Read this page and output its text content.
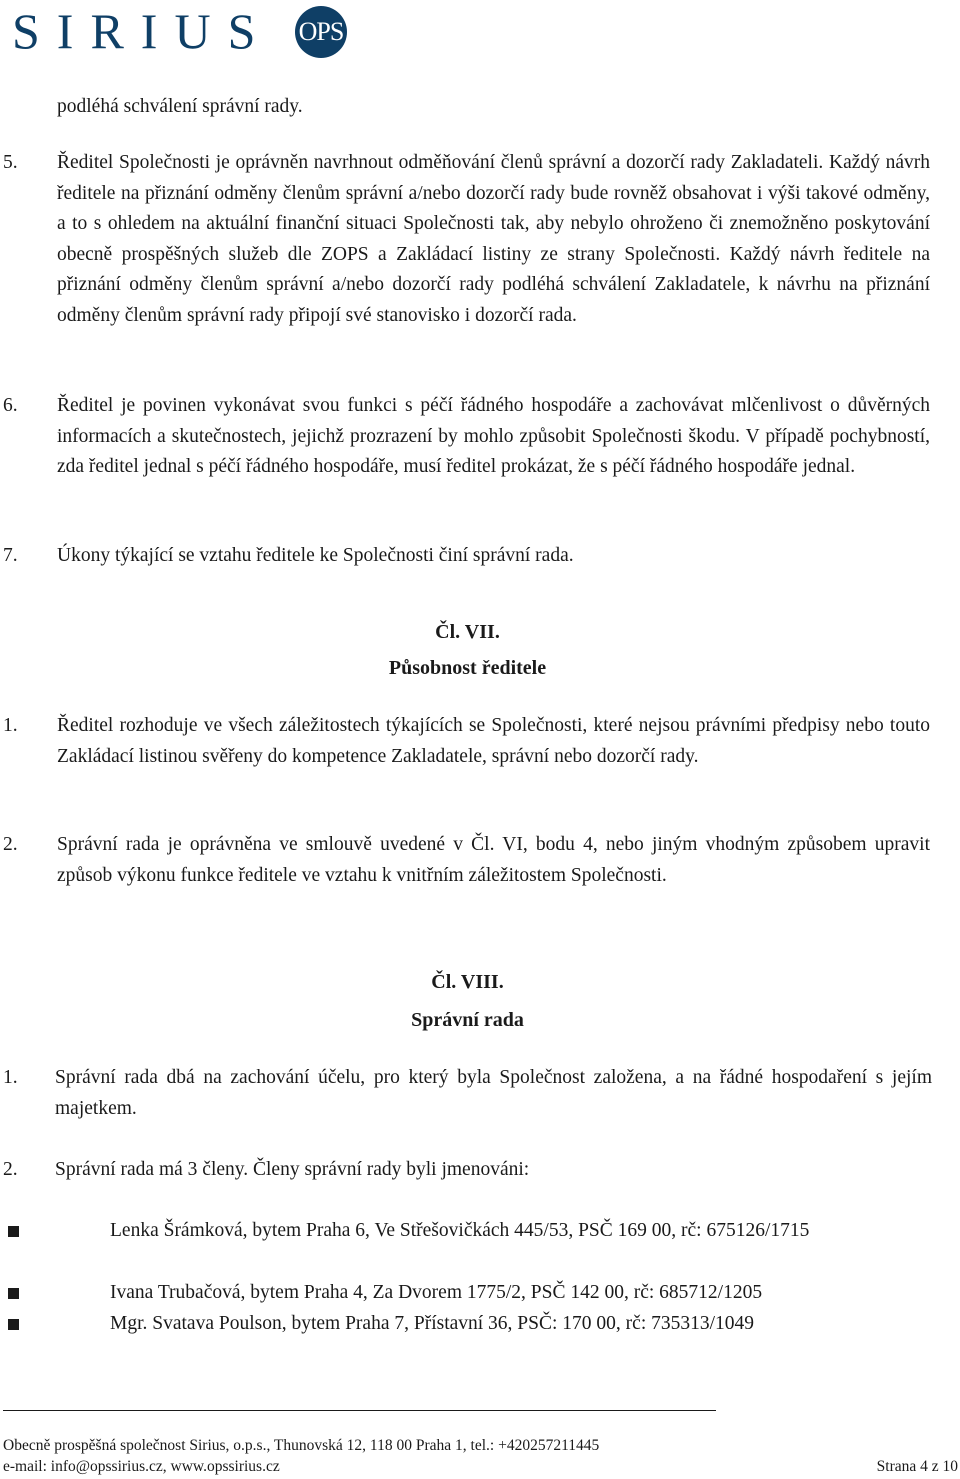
SIRIUS OPS

podléhá schválení správní rady.

5. Ředitel Společnosti je oprávněn navrhnout odměňování členů správní a dozorčí rady Zakladateli. Každý návrh ředitele na přiznání odměny členům správní a/nebo dozorčí rady bude rovněž obsahovat i výši takové odměny, a to s ohledem na aktuální finanční situaci Společnosti tak, aby nebylo ohroženo či znemožněno poskytování obecně prospěšných služeb dle ZOPS a Zakládací listiny ze strany Společnosti. Každý návrh ředitele na přiznání odměny členům správní a/nebo dozorčí rady podléhá schválení Zakladatele, k návrhu na přiznání odměny členům správní rady připojí své stanovisko i dozorčí rada.

6. Ředitel je povinen vykonávat svou funkci s péčí řádného hospodáře a zachovávat mlčenlivost o důvěrných informacích a skutečnostech, jejichž prozrazení by mohlo způsobit Společnosti škodu. V případě pochybností, zda ředitel jednal s péčí řádného hospodáře, musí ředitel prokázat, že s péčí řádného hospodáře jednal.

7. Úkony týkající se vztahu ředitele ke Společnosti činí správní rada.

Čl. VII.
Působnost ředitele
1. Ředitel rozhoduje ve všech záležitostech týkajících se Společnosti, které nejsou právními předpisy nebo touto Zakládací listinou svěřeny do kompetence Zakladatele, správní nebo dozorčí rady.

2. Správní rada je oprávněna ve smlouvě uvedené v Čl. VI, bodu 4, nebo jiným vhodným způsobem upravit způsob výkonu funkce ředitele ve vztahu k vnitřním záležitostem Společnosti.

Čl. VIII.
Správní rada
1. Správní rada dbá na zachování účelu, pro který byla Společnost založena, a na řádné hospodaření s jejím majetkem.

2. Správní rada má 3 členy. Členy správní rady byli jmenováni:

Lenka Šrámková, bytem Praha 6, Ve Střešovičkách 445/53, PSČ 169 00, rč: 675126/1715

Ivana Trubačová, bytem Praha 4, Za Dvorem 1775/2, PSČ 142 00, rč: 685712/1205

Mgr. Svatava Poulson, bytem Praha 7, Přístavní 36, PSČ: 170 00, rč: 735313/1049

Obecně prospěšná společnost Sirius, o.p.s., Thunovská 12, 118 00 Praha 1, tel.: +420257211445
e-mail: info@opssirius.cz, www.opssirius.cz	Strana 4 z 10
